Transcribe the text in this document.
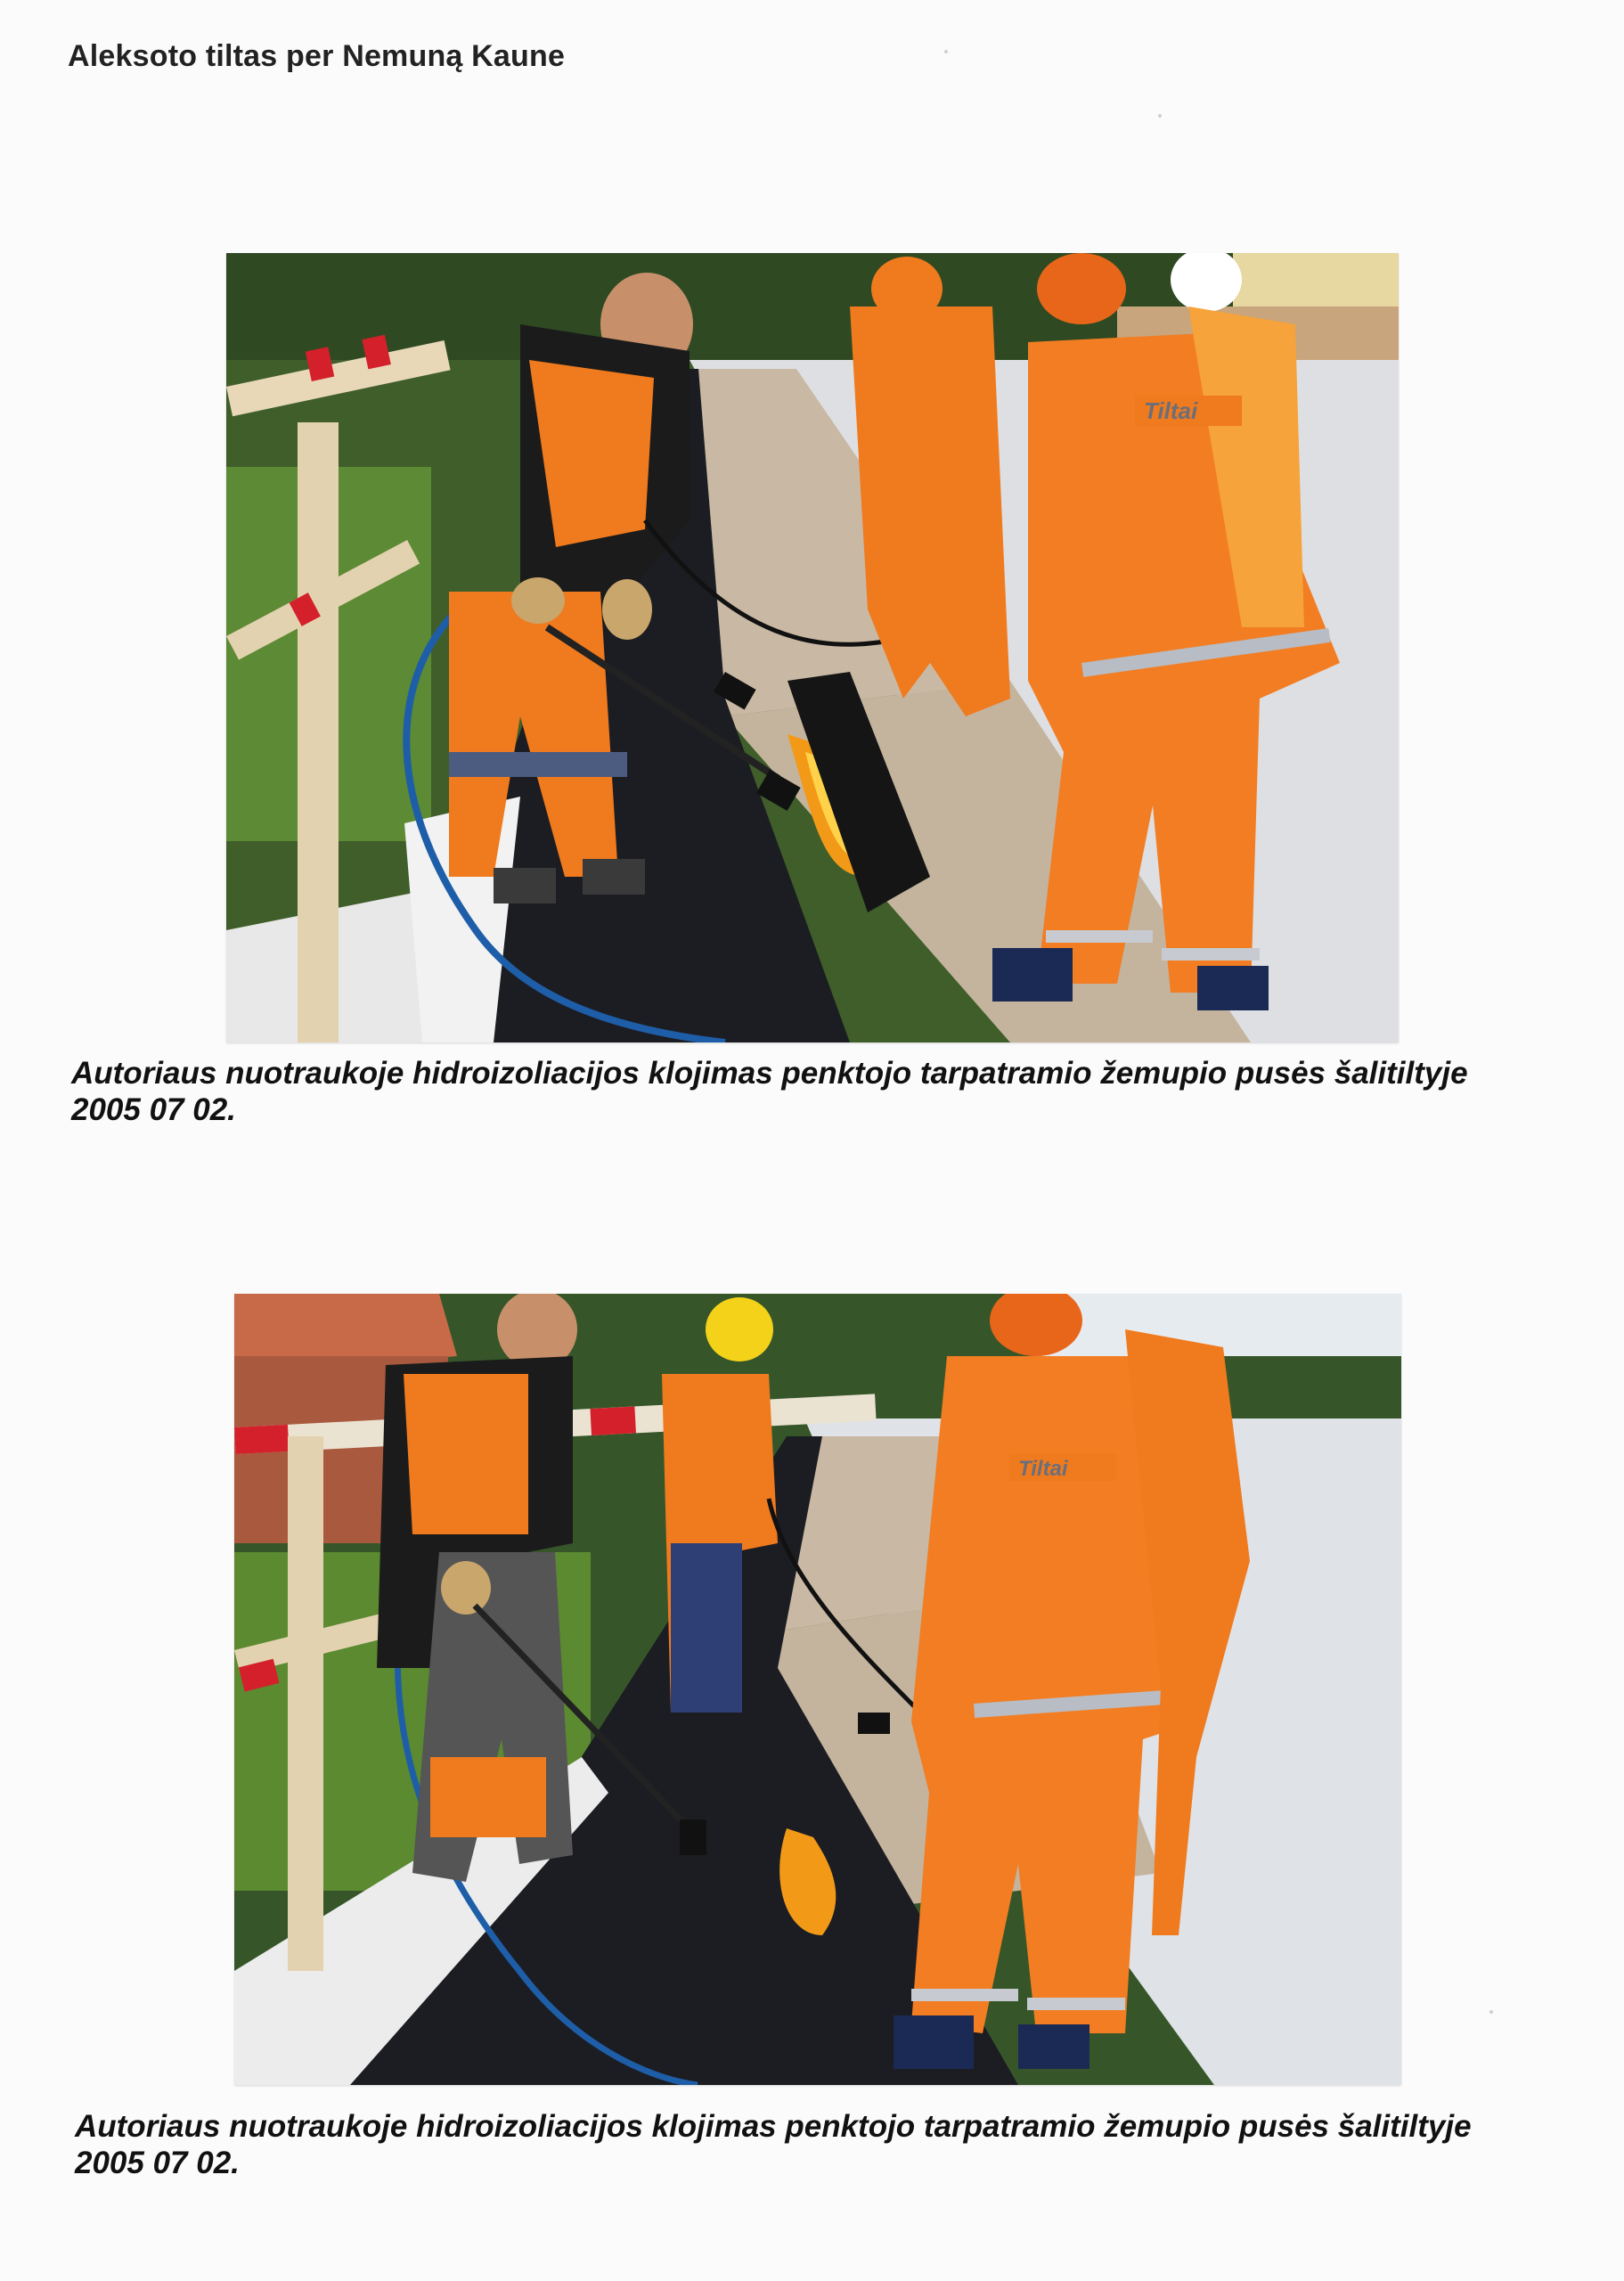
Aleksoto tiltas per Nemuną Kaune
Tiltai
Autoriaus nuotraukoje hidroizoliacijos klojimas penktojo tarpatramio žemupio pusės šalitiltyje
2005 07 02.
Tiltai
Autoriaus nuotraukoje hidroizoliacijos klojimas penktojo tarpatramio žemupio pusės šalitiltyje
2005 07 02.
